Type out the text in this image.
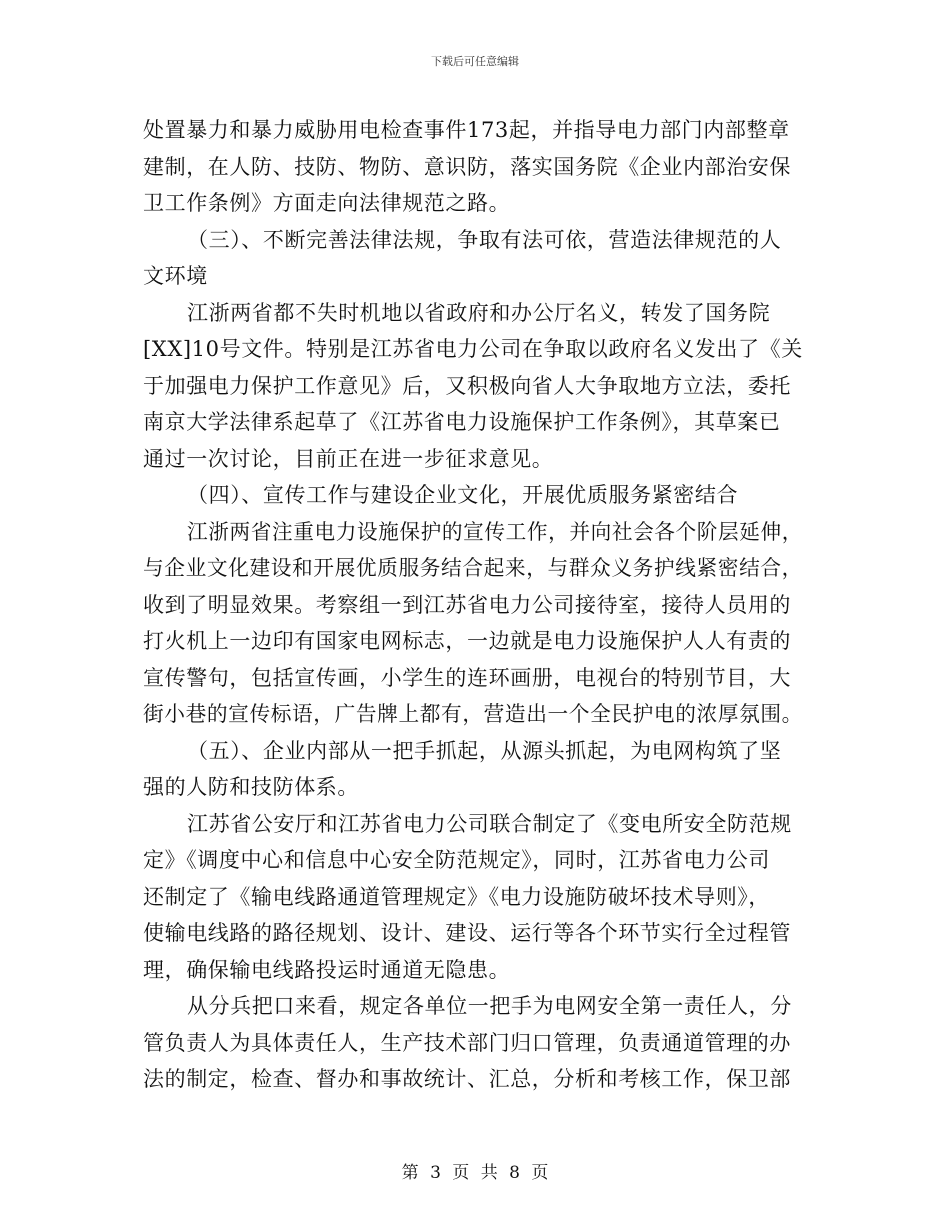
下载后可任意编辑
处置暴力和暴力威胁用电检查事件173起，并指导电力部门内部整章
建制，在人防、技防、物防、意识防，落实国务院《企业内部治安保
卫工作条例》方面走向法律规范之路。
（三）、不断完善法律法规，争取有法可依，营造法律规范的人
文环境
江浙两省都不失时机地以省政府和办公厅名义，转发了国务院
[XX]10号文件。特别是江苏省电力公司在争取以政府名义发出了《关
于加强电力保护工作意见》后，又积极向省人大争取地方立法，委托
南京大学法律系起草了《江苏省电力设施保护工作条例》，其草案已
通过一次讨论，目前正在进一步征求意见。
（四）、宣传工作与建设企业文化，开展优质服务紧密结合
江浙两省注重电力设施保护的宣传工作，并向社会各个阶层延伸，
与企业文化建设和开展优质服务结合起来，与群众义务护线紧密结合，
收到了明显效果。考察组一到江苏省电力公司接待室，接待人员用的
打火机上一边印有国家电网标志，一边就是电力设施保护人人有责的
宣传警句，包括宣传画，小学生的连环画册，电视台的特别节目，大
街小巷的宣传标语，广告牌上都有，营造出一个全民护电的浓厚氛围。
（五）、企业内部从一把手抓起，从源头抓起，为电网构筑了坚
强的人防和技防体系。
江苏省公安厅和江苏省电力公司联合制定了《变电所安全防范规
定》《调度中心和信息中心安全防范规定》，同时，江苏省电力公司
还制定了《输电线路通道管理规定》《电力设施防破坏技术导则》，
使输电线路的路径规划、设计、建设、运行等各个环节实行全过程管
理，确保输电线路投运时通道无隐患。
从分兵把口来看，规定各单位一把手为电网安全第一责任人，分
管负责人为具体责任人，生产技术部门归口管理，负责通道管理的办
法的制定，检查、督办和事故统计、汇总，分析和考核工作，保卫部
第 3 页 共 8 页
